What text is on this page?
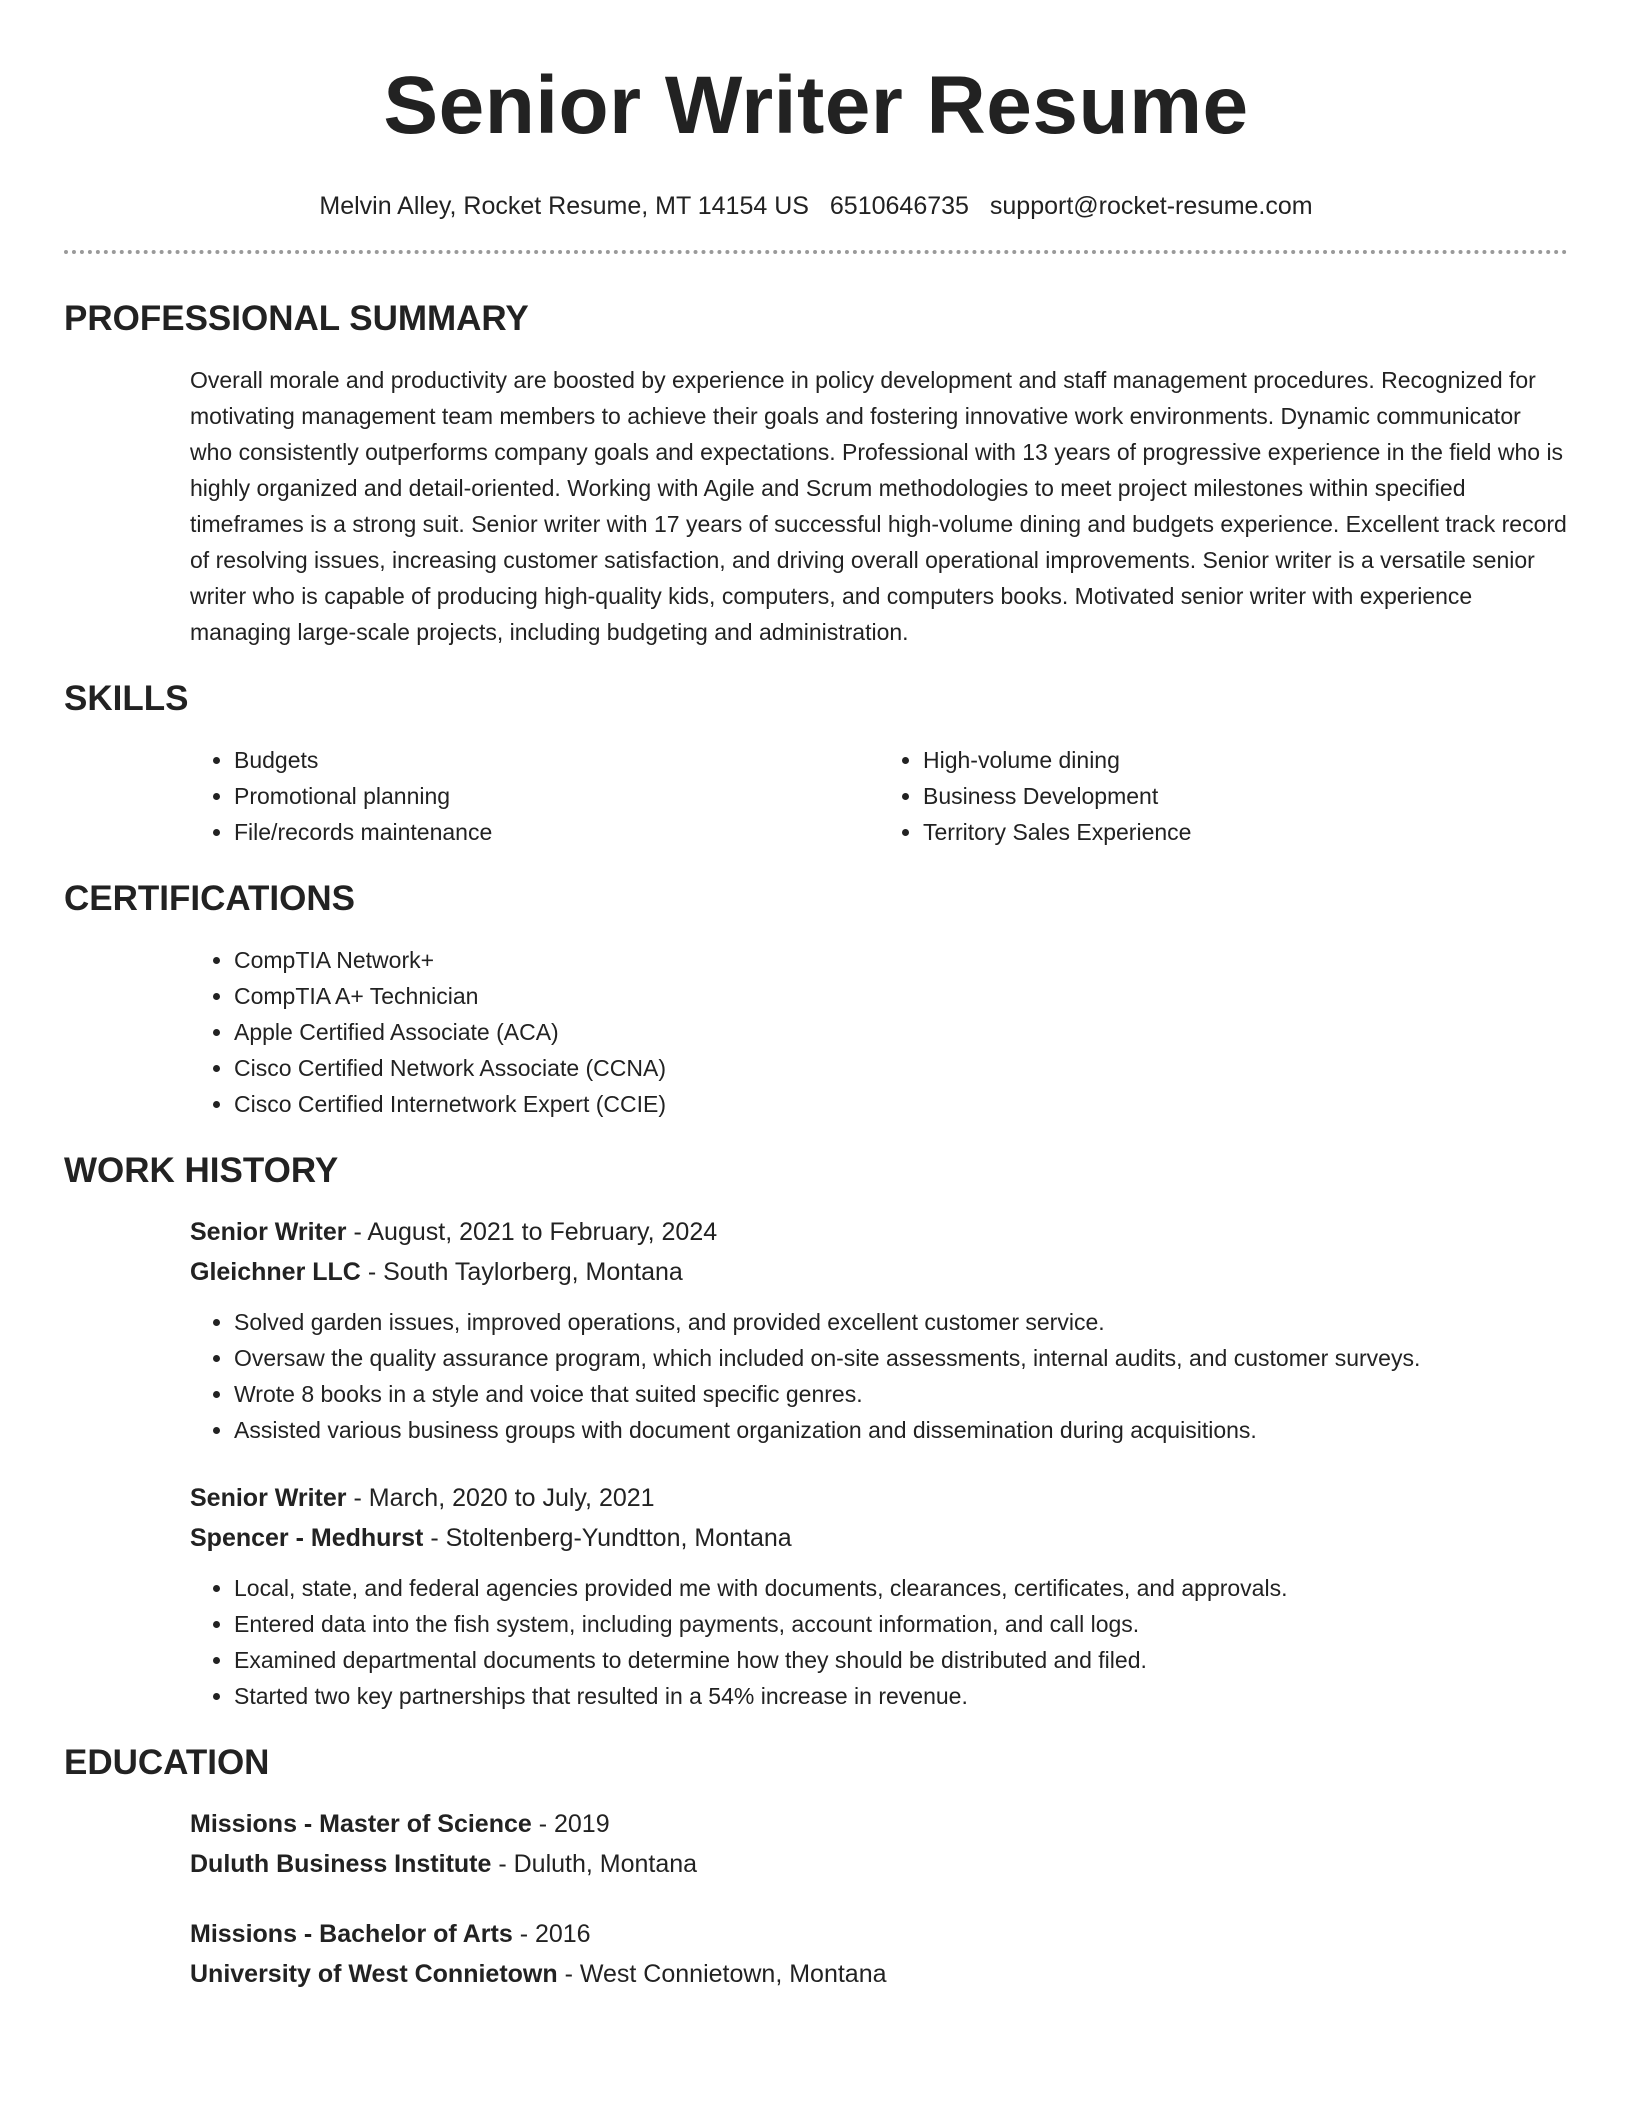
Senior Writer Resume
Melvin Alley, Rocket Resume, MT 14154 US 6510646735 support@rocket-resume.com
PROFESSIONAL SUMMARY
Overall morale and productivity are boosted by experience in policy development and staff management procedures. Recognized for motivating management team members to achieve their goals and fostering innovative work environments. Dynamic communicator who consistently outperforms company goals and expectations. Professional with 13 years of progressive experience in the field who is highly organized and detail-oriented. Working with Agile and Scrum methodologies to meet project milestones within specified timeframes is a strong suit. Senior writer with 17 years of successful high-volume dining and budgets experience. Excellent track record of resolving issues, increasing customer satisfaction, and driving overall operational improvements. Senior writer is a versatile senior writer who is capable of producing high-quality kids, computers, and computers books. Motivated senior writer with experience managing large-scale projects, including budgeting and administration.
SKILLS
• Budgets
• Promotional planning
• File/records maintenance
• High-volume dining
• Business Development
• Territory Sales Experience
CERTIFICATIONS
• CompTIA Network+
• CompTIA A+ Technician
• Apple Certified Associate (ACA)
• Cisco Certified Network Associate (CCNA)
• Cisco Certified Internetwork Expert (CCIE)
WORK HISTORY
Senior Writer - August, 2021 to February, 2024
Gleichner LLC - South Taylorberg, Montana
• Solved garden issues, improved operations, and provided excellent customer service.
• Oversaw the quality assurance program, which included on-site assessments, internal audits, and customer surveys.
• Wrote 8 books in a style and voice that suited specific genres.
• Assisted various business groups with document organization and dissemination during acquisitions.
Senior Writer - March, 2020 to July, 2021
Spencer - Medhurst - Stoltenberg-Yundtton, Montana
• Local, state, and federal agencies provided me with documents, clearances, certificates, and approvals.
• Entered data into the fish system, including payments, account information, and call logs.
• Examined departmental documents to determine how they should be distributed and filed.
• Started two key partnerships that resulted in a 54% increase in revenue.
EDUCATION
Missions - Master of Science - 2019
Duluth Business Institute - Duluth, Montana
Missions - Bachelor of Arts - 2016
University of West Connietown - West Connietown, Montana
